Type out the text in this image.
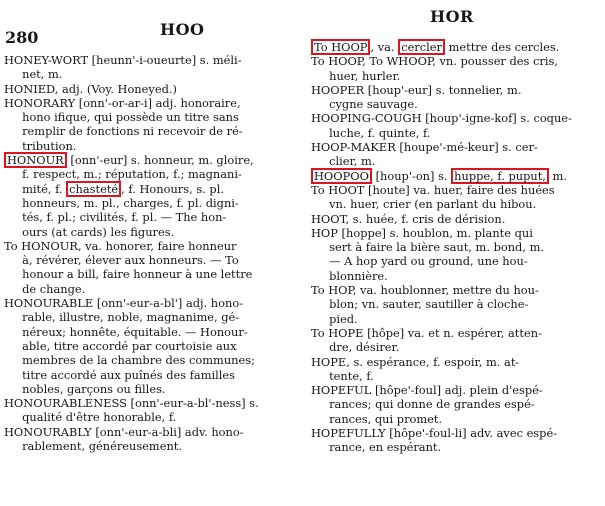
280	HOO
HOR
HONEY-WORT [heunn'-i-oueurte] s. méli-
net, m.
HONIED, adj. (Voy. Honeyed.)
HONORARY [onn'-or-ar-i] adj. honoraire,
hono ifique, qui possède un titre sans
remplir de fonctions ni recevoir de ré-
tribution.
HONOUR [onn'-eur] s. honneur, m. gloire,
f. respect, m.; réputation, f.; magnani-
mité, f. chasteté , f. Honours, s. pl.
honneurs, m. pl., charges, f. pl. digni-
tés, f. pl.; civilités, f. pl. — The hon-
ours (at cards) les figures.
To HONOUR, va. honorer, faire honneur
à, révérer, élever aux honneurs. — To
honour a bill, faire honneur à une lettre
de change.
HONOURABLE [onn'-eur-a-bl'] adj. hono-
rable, illustre, noble, magnanime, gé-
néreux; honnête, équitable. — Honour-
able, titre accordé par courtoisie aux
membres de la chambre des communes;
titre accordé aux puînés des familles
nobles, garçons ou filles.
HONOURABLENESS [onn'-eur-a-bl'-ness] s.
qualité d'être honorable, f.
HONOURABLY [onn'-eur-a-bli] adv. hono-
rablement, généreusement.
To HOOP , va. cercler mettre des cercles.
To HOOP, To WHOOP, vn. pousser des cris,
huer, hurler.
HOOPER [houp'-eur] s. tonnelier, m.
cygne sauvage.
HOOPING-COUGH [houp'-igne-kof] s. coque-
luche, f. quinte, f.
HOOP-MAKER [houpe'-mé-keur] s. cer-
clier, m.
HOOPOO [houp'-on] s. huppe, f. puput, m.
To HOOT [houte] va. huer, faire des huées
vn. huer, crier (en parlant du hibou.
HOOT, s. huée, f. cris de dérision.
HOP [hoppe] s. houblon, m. plante qui
sert à faire la bière saut, m. bond, m.
— A hop yard ou ground, une hou-
blonnière.
To HOP, va. houblonner, mettre du hou-
blon; vn. sauter, sautiller à cloche-
pied.
To HOPE [hôpe] va. et n. espérer, atten-
dre, désirer.
HOPE, s. espérance, f. espoir, m. at-
tente, f.
HOPEFUL [hôpe'-foul] adj. plein d'espé-
rances; qui donne de grandes espé-
rances, qui promet.
HOPEFULLY [hôpe'-foul-li] adv. avec espé-
rance, en espérant.
